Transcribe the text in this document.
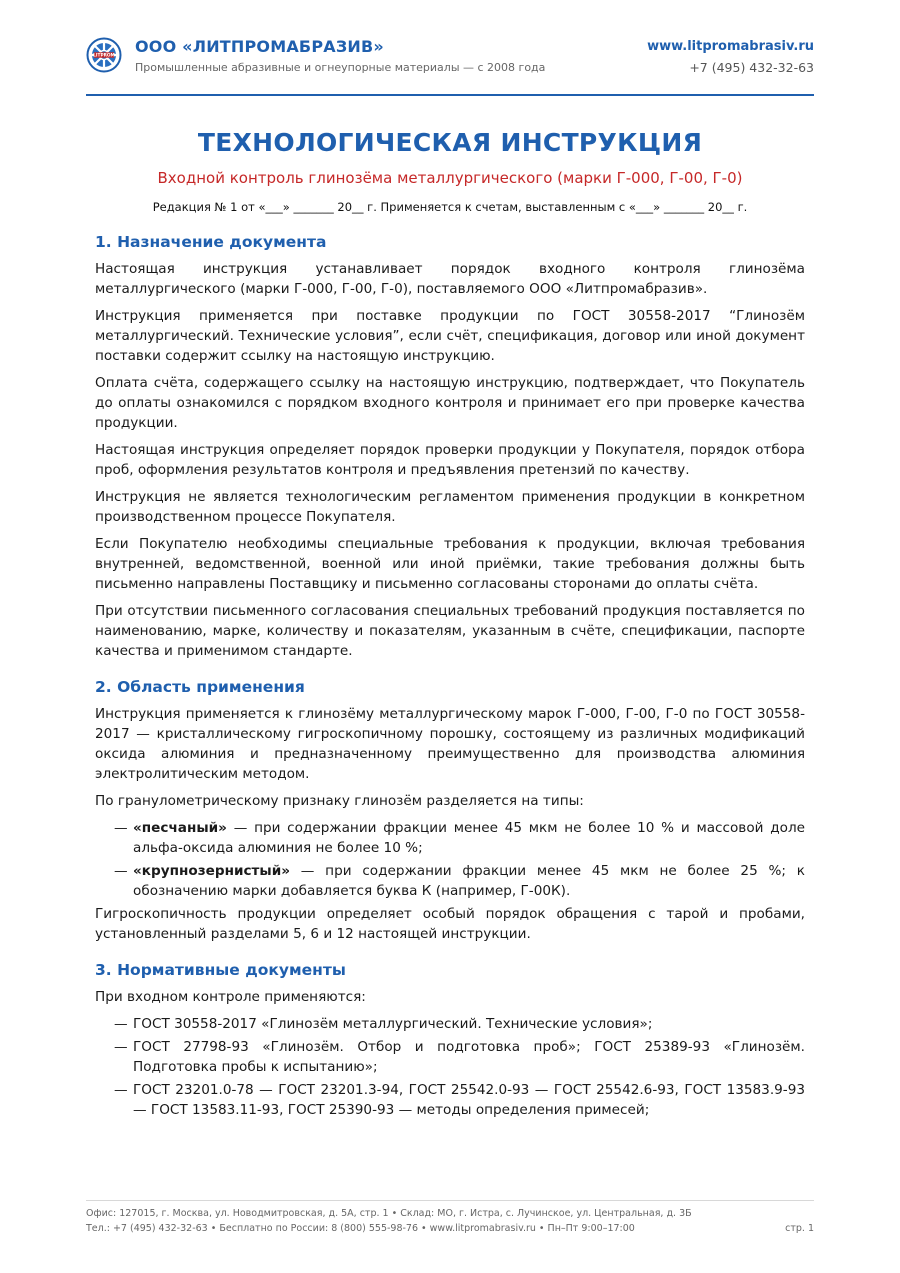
LITPROM
ООО «ЛИТПРОМАБРАЗИВ»
Промышленные абразивные и огнеупорные материалы — с 2008 года
www.litpromabrasiv.ru
+7 (495) 432-32-63
ТЕХНОЛОГИЧЕСКАЯ ИНСТРУКЦИЯ
Входной контроль глинозёма металлургического (марки Г-000, Г-00, Г-0)
Редакция № 1 от «___» _______ 20__ г. Применяется к счетам, выставленным с «___» _______ 20__ г.
1. Назначение документа

Настоящая инструкция устанавливает порядок входного контроля глинозёма металлургического (марки Г-000, Г-00, Г-0), поставляемого ООО «Литпромабразив».

Инструкция применяется при поставке продукции по ГОСТ 30558-2017 “Глинозём металлургический. Технические условия”, если счёт, спецификация, договор или иной документ поставки содержит ссылку на настоящую инструкцию.

Оплата счёта, содержащего ссылку на настоящую инструкцию, подтверждает, что Покупатель до оплаты ознакомился с порядком входного контроля и принимает его при проверке качества продукции.

Настоящая инструкция определяет порядок проверки продукции у Покупателя, порядок отбора проб, оформления результатов контроля и предъявления претензий по качеству.

Инструкция не является технологическим регламентом применения продукции в конкретном производственном процессе Покупателя.

Если Покупателю необходимы специальные требования к продукции, включая требования внутренней, ведомственной, военной или иной приёмки, такие требования должны быть письменно направлены Поставщику и письменно согласованы сторонами до оплаты счёта.

При отсутствии письменного согласования специальных требований продукция поставляется по наименованию, марке, количеству и показателям, указанным в счёте, спецификации, паспорте качества и применимом стандарте.

2. Область применения

Инструкция применяется к глинозёму металлургическому марок Г-000, Г-00, Г-0 по ГОСТ 30558-2017 — кристаллическому гигроскопичному порошку, состоящему из различных модификаций оксида алюминия и предназначенному преимущественно для производства алюминия электролитическим методом.

По гранулометрическому признаку глинозём разделяется на типы:

— «песчаный» — при содержании фракции менее 45 мкм не более 10 % и массовой доле альфа-оксида алюминия не более 10 %;
— «крупнозернистый» — при содержании фракции менее 45 мкм не более 25 %; к обозначению марки добавляется буква К (например, Г-00К).

Гигроскопичность продукции определяет особый порядок обращения с тарой и пробами, установленный разделами 5, 6 и 12 настоящей инструкции.

3. Нормативные документы

При входном контроле применяются:

— ГОСТ 30558-2017 «Глинозём металлургический. Технические условия»;
— ГОСТ 27798-93 «Глинозём. Отбор и подготовка проб»; ГОСТ 25389-93 «Глинозём. Подготовка пробы к испытанию»;
— ГОСТ 23201.0-78 — ГОСТ 23201.3-94, ГОСТ 25542.0-93 — ГОСТ 25542.6-93, ГОСТ 13583.9-93 — ГОСТ 13583.11-93, ГОСТ 25390-93 — методы определения примесей;
Офис: 127015, г. Москва, ул. Новодмитровская, д. 5А, стр. 1 • Склад: МО, г. Истра, с. Лучинское, ул. Центральная, д. 3Б
Тел.: +7 (495) 432-32-63 • Бесплатно по России: 8 (800) 555-98-76 • www.litpromabrasiv.ru • Пн–Пт 9:00–17:00	стр. 1
